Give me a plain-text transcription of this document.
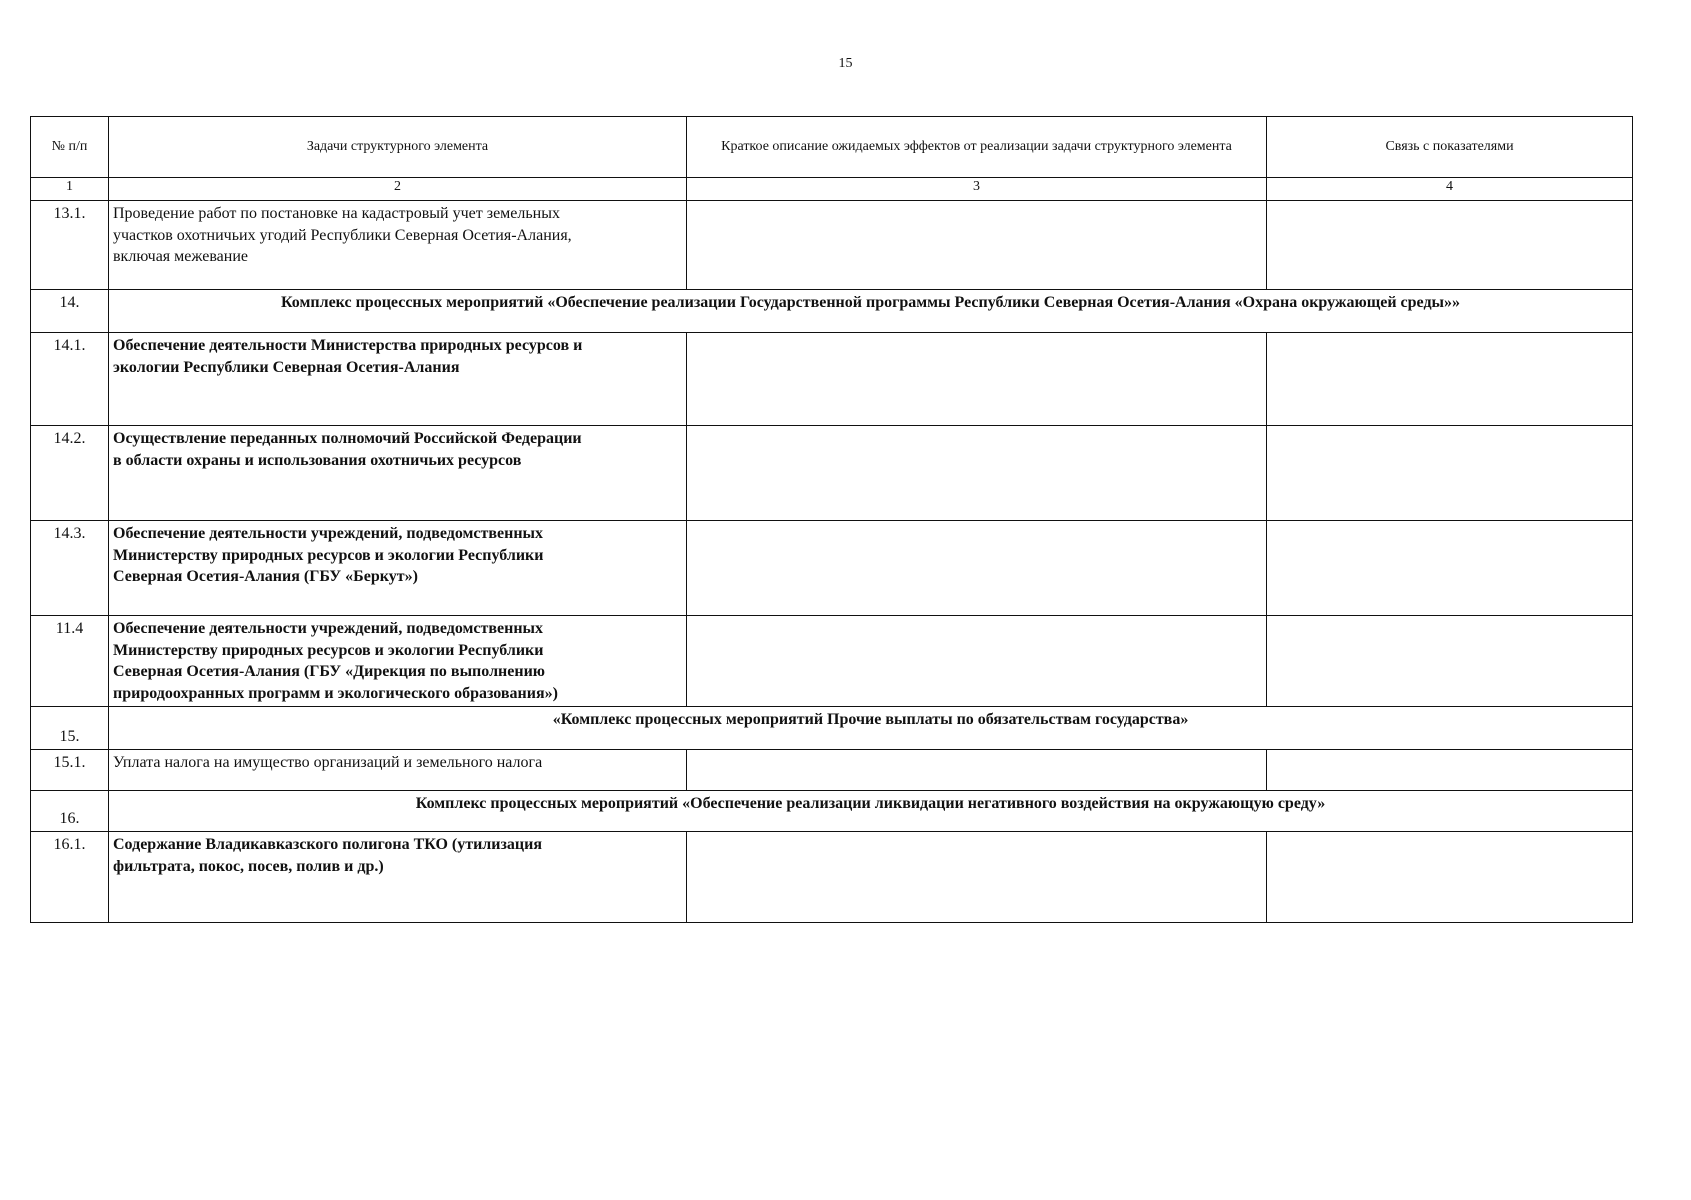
15
№ п/п	Задачи структурного элемента	Краткое описание ожидаемых эффектов от реализации задачи структурного элемента	Связь с показателями
1	2	3	4
13.1.	Проведение работ по постановке на кадастровый учет земельных
участков охотничьих угодий Республики Северная Осетия-Алания,
включая межевание		

14.	Комплекс процессных мероприятий «Обеспечение реализации Государственной программы Республики Северная Осетия-Алания «Охрана окружающей среды»»		
14.1.	Обеспечение деятельности Министерства природных ресурсов и
экологии Республики Северная Осетия-Алания		

14.2.	Осуществление переданных полномочий Российской Федерации
в области охраны и использования охотничьих ресурсов		

14.3.	Обеспечение деятельности учреждений, подведомственных
Министерству природных ресурсов и экологии Республики
Северная Осетия-Алания (ГБУ «Беркут»)		

11.4	Обеспечение деятельности учреждений, подведомственных
Министерству природных ресурсов и экологии Республики
Северная Осетия-Алания (ГБУ «Дирекция по выполнению
природоохранных программ и экологического образования»)		

15.	«Комплекс процессных мероприятий Прочие выплаты по обязательствам государства»		
15.1.	Уплата налога на имущество организаций и земельного налога		

16.	Комплекс процессных мероприятий «Обеспечение реализации ликвидации негативного воздействия на окружающую среду»		
16.1.	Содержание Владикавказского полигона ТКО (утилизация
фильтрата, покос, посев, полив и др.)		
